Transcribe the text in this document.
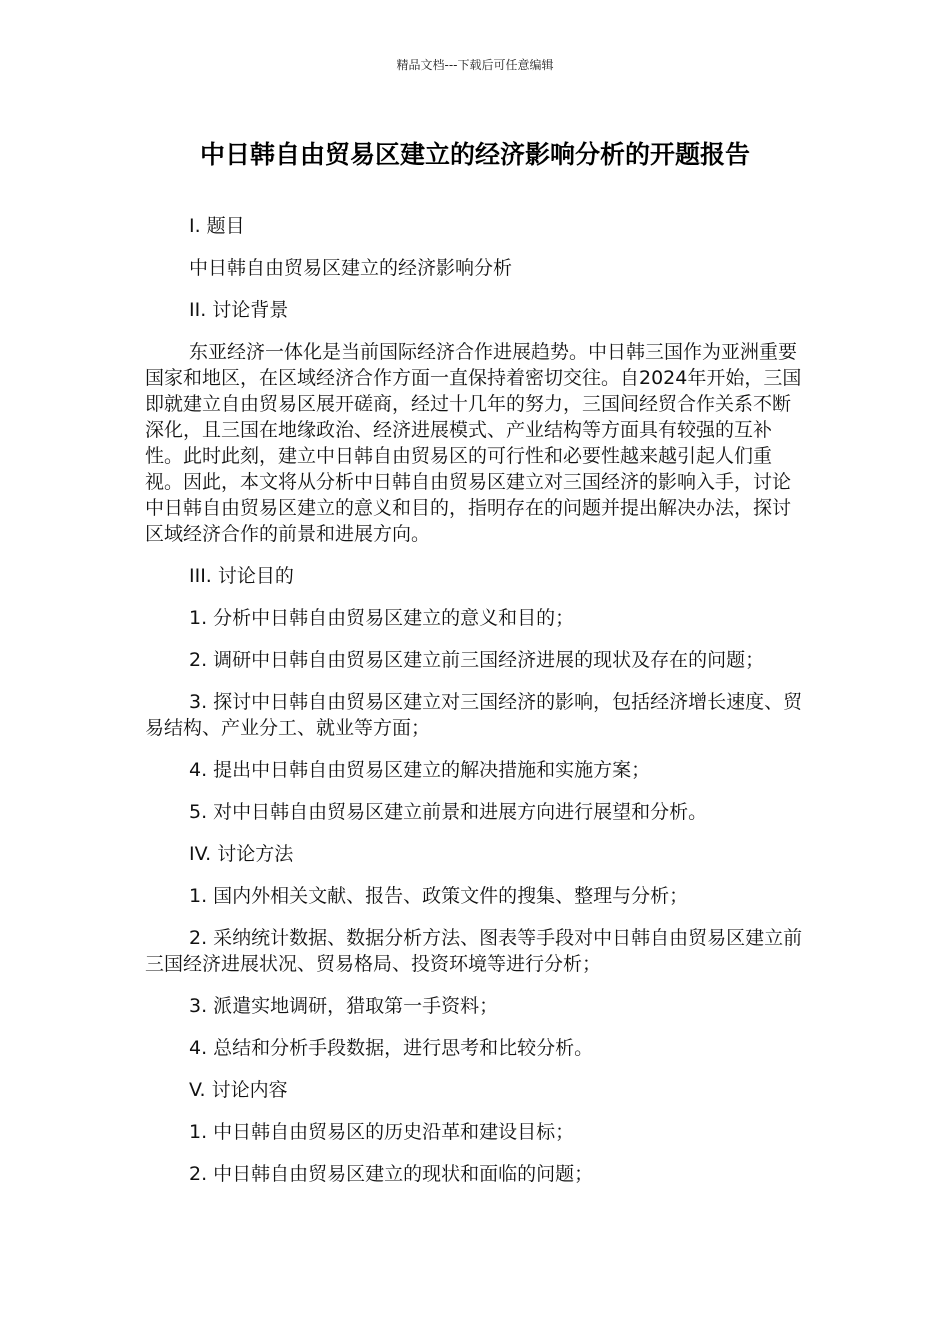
精品文档---下载后可任意编辑
中日韩自由贸易区建立的经济影响分析的开题报告

I. 题目

中日韩自由贸易区建立的经济影响分析

II. 讨论背景

东亚经济一体化是当前国际经济合作进展趋势。中日韩三国作为亚洲重要国家和地区，在区域经济合作方面一直保持着密切交往。自2024年开始，三国即就建立自由贸易区展开磋商，经过十几年的努力，三国间经贸合作关系不断深化，且三国在地缘政治、经济进展模式、产业结构等方面具有较强的互补性。此时此刻，建立中日韩自由贸易区的可行性和必要性越来越引起人们重视。因此，本文将从分析中日韩自由贸易区建立对三国经济的影响入手，讨论中日韩自由贸易区建立的意义和目的，指明存在的问题并提出解决办法，探讨区域经济合作的前景和进展方向。

III. 讨论目的

1. 分析中日韩自由贸易区建立的意义和目的；

2. 调研中日韩自由贸易区建立前三国经济进展的现状及存在的问题；

3. 探讨中日韩自由贸易区建立对三国经济的影响，包括经济增长速度、贸易结构、产业分工、就业等方面；

4. 提出中日韩自由贸易区建立的解决措施和实施方案；

5. 对中日韩自由贸易区建立前景和进展方向进行展望和分析。

IV. 讨论方法

1. 国内外相关文献、报告、政策文件的搜集、整理与分析；

2. 采纳统计数据、数据分析方法、图表等手段对中日韩自由贸易区建立前三国经济进展状况、贸易格局、投资环境等进行分析；

3. 派遣实地调研，猎取第一手资料；

4. 总结和分析手段数据，进行思考和比较分析。

V. 讨论内容

1. 中日韩自由贸易区的历史沿革和建设目标；

2. 中日韩自由贸易区建立的现状和面临的问题；
